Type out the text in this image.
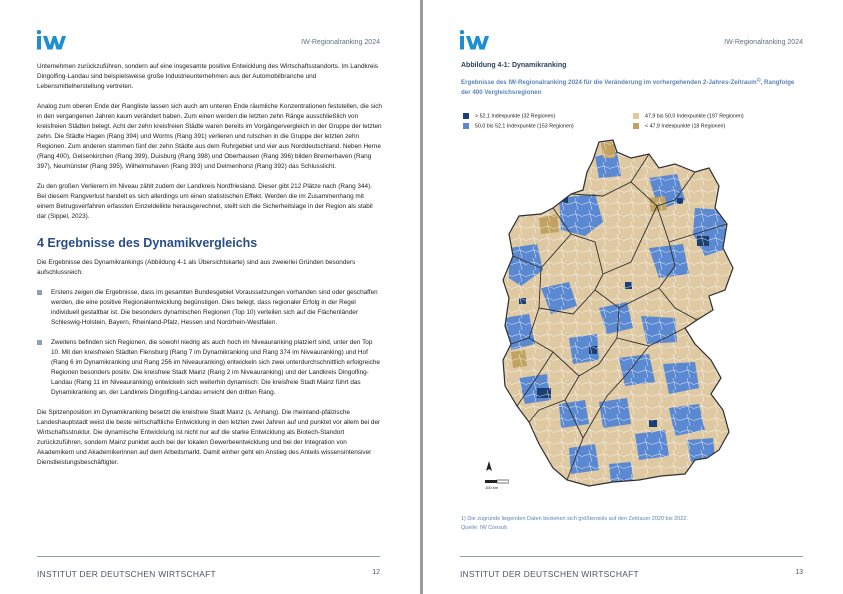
IW-Regionalranking 2024

Unternehmen zurückzuführen, sondern auf eine insgesamte positive Entwicklung des Wirtschaftsstandorts. Im Landkreis Dingolfing-Landau sind beispielsweise große Industrieunternehmen aus der Automobilbranche und Lebensmittelherstellung vertreten.

Analog zum oberen Ende der Rangliste lassen sich auch am unteren Ende räumliche Konzentrationen feststellen, die sich in den vergangenen Jahren kaum verändert haben. Zum einen werden die letzten zehn Ränge ausschließlich von kreisfreien Städten belegt. Acht der zehn kreisfreien Städte waren bereits im Vorgängervergleich in der Gruppe der letzten zehn. Die Städte Hagen (Rang 394) und Worms (Rang 391) verlieren und rutschen in die Gruppe der letzten zehn Regionen. Zum anderen stammen fünf der zehn Städte aus dem Ruhrgebiet und vier aus Norddeutschland. Neben Herne (Rang 400), Gelsenkirchen (Rang 399), Duisburg (Rang 398) und Oberhausen (Rang 396) bilden Bremerhaven (Rang 397), Neumünster (Rang 395), Wilhelmshaven (Rang 393) und Delmenhorst (Rang 392) das Schlusslicht.

Zu den großen Verlierern im Niveau zählt zudem der Landkreis Nordfriesland. Dieser gibt 212 Plätze nach (Rang 344). Bei diesem Rangverlust handelt es sich allerdings um einen statistischen Effekt. Werden die im Zusammenhang mit einem Betrugsverfahren erfassten Einzeldelikte herausgerechnet, stellt sich die Sicherheitslage in der Region als stabil dar (Sippel, 2023).

4 Ergebnisse des Dynamikvergleichs

Die Ergebnisse des Dynamikrankings (Abbildung 4-1 als Übersichtskarte) sind aus zweierlei Gründen besonders aufschlussreich:

Erstens zeigen die Ergebnisse, dass im gesamten Bundesgebiet Voraussetzungen vorhanden sind oder geschaffen werden, die eine positive Regionalentwicklung begünstigen. Dies belegt, dass regionaler Erfolg in der Regel individuell gestaltbar ist. Die besonders dynamischen Regionen (Top 10) verteilen sich auf die Flächenländer Schleswig-Holstein, Bayern, Rheinland-Pfalz, Hessen und Nordrhein-Westfalen.
Zweitens befinden sich Regionen, die sowohl niedrig als auch hoch im Niveauranking platziert sind, unter den Top 10. Mit den kreisfreien Städten Flensburg (Rang 7 im Dynamikranking und Rang 374 im Niveauranking) und Hof (Rang 6 im Dynamikranking und Rang 256 im Niveauranking) entwickeln sich zwei unterdurchschnittlich erfolgreiche Regionen besonders positiv. Die kreisfreie Stadt Mainz (Rang 2 im Niveauranking) und der Landkreis Dingolfing-Landau (Rang 11 im Niveauranking) entwickeln sich weiterhin dynamisch: Die kreisfreie Stadt Mainz führt das Dynamikranking an, der Landkreis Dingolfing-Landau erreicht den dritten Rang.

Die Spitzenposition im Dynamikranking besetzt die kreisfreie Stadt Mainz (s. Anhang). Die rheinland-pfälzische Landeshauptstadt weist die beste wirtschaftliche Entwicklung in den letzten zwei Jahren auf und punktet vor allem bei der Wirtschaftsstruktur. Die dynamische Entwicklung ist nicht nur auf die starke Entwicklung als Biotech-Standort zurückzuführen, sondern Mainz punktet auch bei der lokalen Gewerbeentwicklung und bei der Integration von Akademikern und Akademikerinnen auf dem Arbeitsmarkt. Damit einher geht ein Anstieg des Anteils wissensintensiver Dienstleistungsbeschäftigter.

INSTITUT DER DEUTSCHEN WIRTSCHAFT	12
IW-Regionalranking 2024
Abbildung 4-1: Dynamikranking
Ergebnisse des IW-Regionalranking 2024 für die Veränderung im vorhergehenden 2-Jahres-Zeitraum$^{1)}$, Rangfolge der 400 Vergleichsregionen
> 52,1 Indexpunkte (32 Regionen)
50,0 bis 52,1 Indexpunkte (153 Regionen)
47,9 bis 50,0 Indexpunkte (197 Regionen)
< 47,9 Indexpunkte (18 Regionen)
100 km
1) Die zugrunde liegenden Daten beziehen sich größtenteils auf den Zeitraum 2020 bis 2022.
Quelle: IW Consult
INSTITUT DER DEUTSCHEN WIRTSCHAFT	13
